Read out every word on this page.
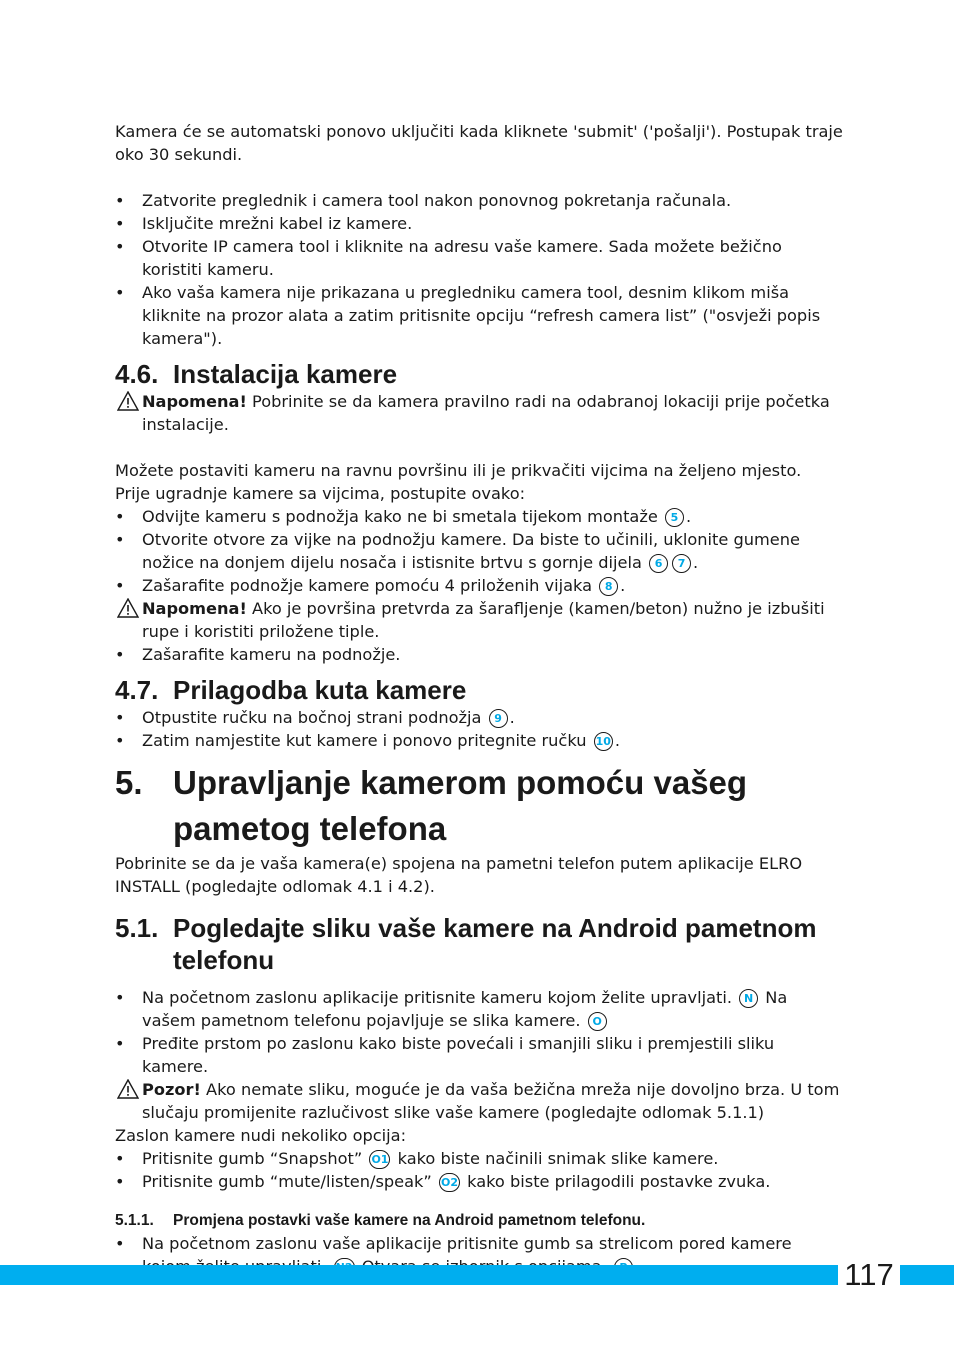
Kamera će se automatski ponovo uključiti kada kliknete 'submit' ('pošalji'). Postupak traje oko 30 sekundi.

• Zatvorite preglednik i camera tool nakon ponovnog pokretanja računala.
• Isključite mrežni kabel iz kamere.
• Otvorite IP camera tool i kliknite na adresu vaše kamere. Sada možete bežično koristiti kameru.
• Ako vaša kamera nije prikazana u pregledniku camera tool, desnim klikom miša kliknite na prozor alata a zatim pritisnite opciju “refresh camera list” ("osvježi popis kamera").
4.6. Instalacija kamere
Napomena! Pobrinite se da kamera pravilno radi na odabranoj lokaciji prije početka instalacije.

Možete postaviti kameru na ravnu površinu ili je prikvačiti vijcima na željeno mjesto.

Prije ugradnje kamere sa vijcima, postupite ovako:

• Odvijte kameru s podnožja kako ne bi smetala tijekom montaže 5 .
• Otvorite otvore za vijke na podnožju kamere. Da biste to učinili, uklonite gumene nožice na donjem dijelu nosača i istisnite brtvu s gornje dijela 6 7 .
• Zašarafite podnožje kamere pomoću 4 priloženih vijaka 8 .
Napomena! Ako je površina pretvrda za šarafljenje (kamen/beton) nužno je izbušiti rupe i koristiti priložene tiple.
• Zašarafite kameru na podnožje.
4.7. Prilagodba kuta kamere
• Otpustite ručku na bočnoj strani podnožja 9 .
• Zatim namjestite kut kamere i ponovo pritegnite ručku 10 .
5. Upravljanje kamerom pomoću vašeg pametog telefona

Pobrinite se da je vaša kamera(e) spojena na pametni telefon putem aplikacije ELRO INSTALL (pogledajte odlomak 4.1 i 4.2).

5.1. Pogledajte sliku vaše kamere na Android pametnom telefonu
• Na početnom zaslonu aplikacije pritisnite kameru kojom želite upravljati. N Na vašem pametnom telefonu pojavljuje se slika kamere. O
• Pređite prstom po zaslonu kako biste povećali i smanjili sliku i premjestili sliku kamere.
Pozor! Ako nemate sliku, moguće je da vaša bežična mreža nije dovoljno brza. U tom slučaju promijenite razlučivost slike vaše kamere (pogledajte odlomak 5.1.1)

Zaslon kamere nudi nekoliko opcija:

• Pritisnite gumb “Snapshot” O1 kako biste načinili snimak slike kamere.
• Pritisnite gumb “mute/listen/speak” O2 kako biste prilagodili postavke zvuka.
5.1.1.	Promjena postavki vaše kamere na Android pametnom telefonu.
• Na početnom zaslonu vaše aplikacije pritisnite gumb sa strelicom pored kamere
117
